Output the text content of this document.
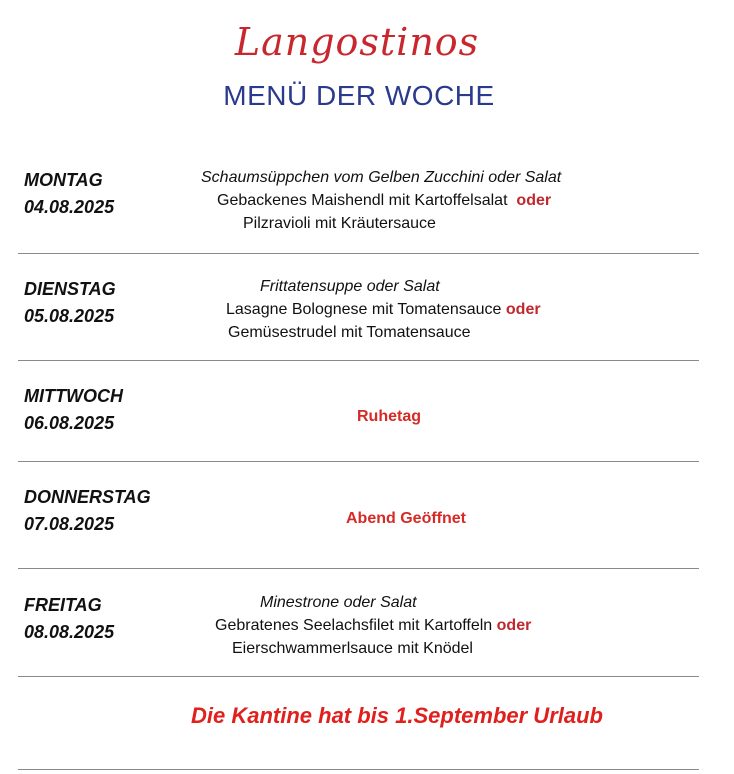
Langostinos
MENÜ DER WOCHE
MONTAG
04.08.2025
Schaumsüppchen vom Gelben Zucchini oder Salat
Gebackenes Maishendl mit Kartoffelsalat oder
Pilzravioli mit Kräutersauce
DIENSTAG
05.08.2025
Frittatensuppe oder Salat
Lasagne Bolognese mit Tomatensauce oder
Gemüsestrudel mit Tomatensauce
MITTWOCH
06.08.2025	Ruhetag
DONNERSTAG
07.08.2025	Abend Geöffnet
FREITAG
08.08.2025
Minestrone oder Salat
Gebratenes Seelachsfilet mit Kartoffeln oder
Eierschwammerlsauce mit Knödel
Die Kantine hat bis 1.September Urlaub
